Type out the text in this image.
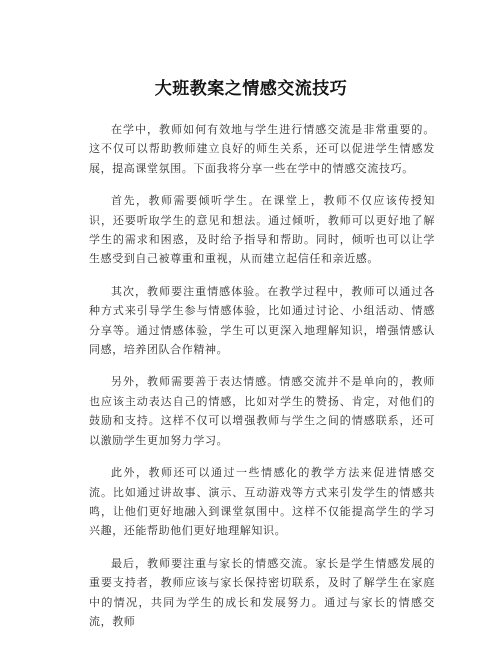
大班教案之情感交流技巧

在学中，教师如何有效地与学生进行情感交流是非常重要的。这不仅可以帮助教师建立良好的师生关系，还可以促进学生情感发展，提高课堂氛围。下面我将分享一些在学中的情感交流技巧。

首先，教师需要倾听学生。在课堂上，教师不仅应该传授知识，还要听取学生的意见和想法。通过倾听，教师可以更好地了解学生的需求和困惑，及时给予指导和帮助。同时，倾听也可以让学生感受到自己被尊重和重视，从而建立起信任和亲近感。

其次，教师要注重情感体验。在教学过程中，教师可以通过各种方式来引导学生参与情感体验，比如通过讨论、小组活动、情感分享等。通过情感体验，学生可以更深入地理解知识，增强情感认同感，培养团队合作精神。

另外，教师需要善于表达情感。情感交流并不是单向的，教师也应该主动表达自己的情感，比如对学生的赞扬、肯定，对他们的鼓励和支持。这样不仅可以增强教师与学生之间的情感联系，还可以激励学生更加努力学习。

此外，教师还可以通过一些情感化的教学方法来促进情感交流。比如通过讲故事、演示、互动游戏等方式来引发学生的情感共鸣，让他们更好地融入到课堂氛围中。这样不仅能提高学生的学习兴趣，还能帮助他们更好地理解知识。

最后，教师要注重与家长的情感交流。家长是学生情感发展的重要支持者，教师应该与家长保持密切联系，及时了解学生在家庭中的情况，共同为学生的成长和发展努力。通过与家长的情感交流，教师
